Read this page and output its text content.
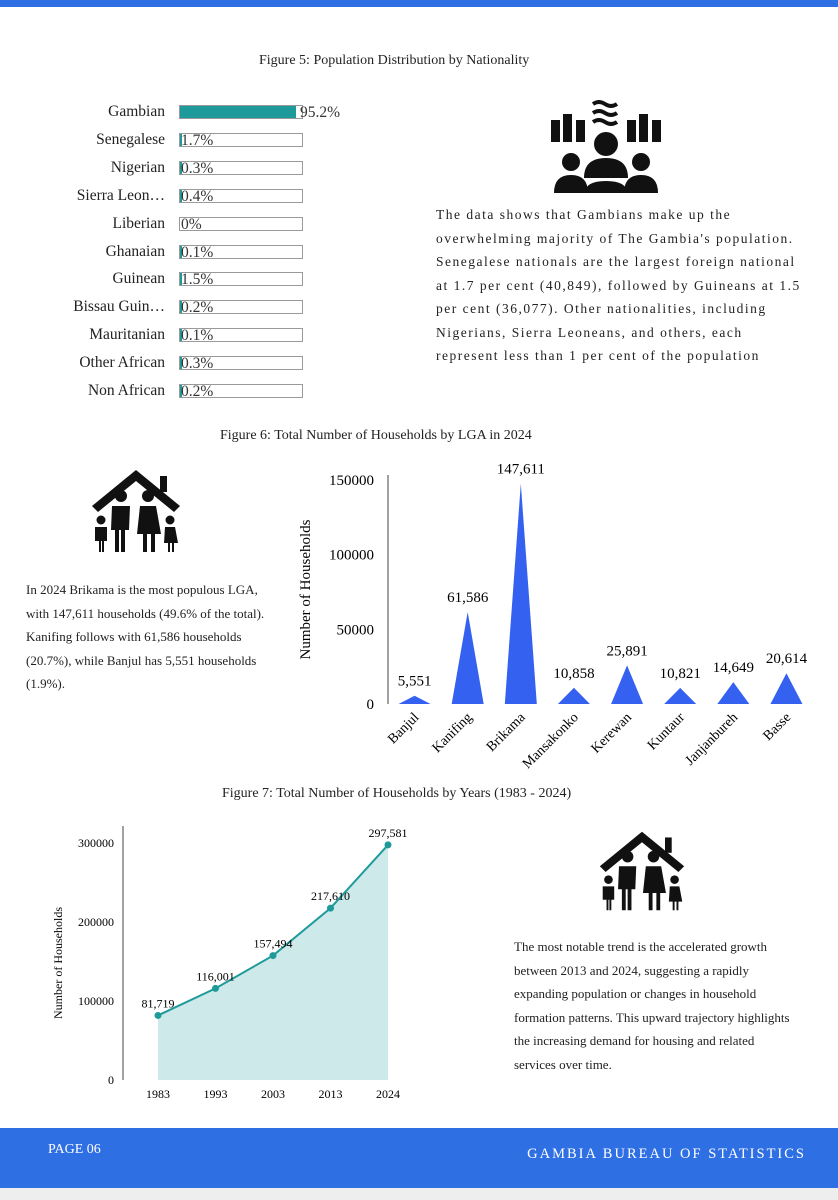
Figure 5: Population Distribution by Nationality
Gambian	95.2%
Senegalese 1.7%
Nigerian 0.3%
Sierra Leon… 0.4%
Liberian 0%
Ghanaian 0.1%
Guinean 1.5%
Bissau Guin… 0.2%
Mauritanian 0.1%
Other African 0.3%
Non African 0.2%
The data shows that Gambians make up the overwhelming majority of The Gambia's population. Senegalese nationals are the largest foreign national at 1.7 per cent (40,849), followed by Guineans at 1.5 per cent (36,077). Other nationalities, including Nigerians, Sierra Leoneans, and others, each represent less than 1 per cent of the population
Figure 6: Total Number of Households by LGA in 2024
In 2024 Brikama is the most populous LGA, with 147,611 households (49.6% of the total). Kanifing follows with 61,586 households (20.7%), while Banjul has 5,551 households (1.9%).
0
50000
100000
150000
Number of Households
5,551
Banjul
61,586
Kanifing
147,611
Brikama
10,858
Mansakonko
25,891
Kerewan
10,821
Kuntaur
14,649
Janjanbureh
20,614
Basse
Figure 7: Total Number of Households by Years (1983 - 2024)
0
100000
200000
300000
Number of Households	81,719
1983
116,001
1993
157,494
2003
217,610
2013
297,581
2024
The most notable trend is the accelerated growth between 2013 and 2024, suggesting a rapidly expanding population or changes in household formation patterns. This upward trajectory highlights the increasing demand for housing and related services over time.
PAGE 06	GAMBIA BUREAU OF STATISTICS
